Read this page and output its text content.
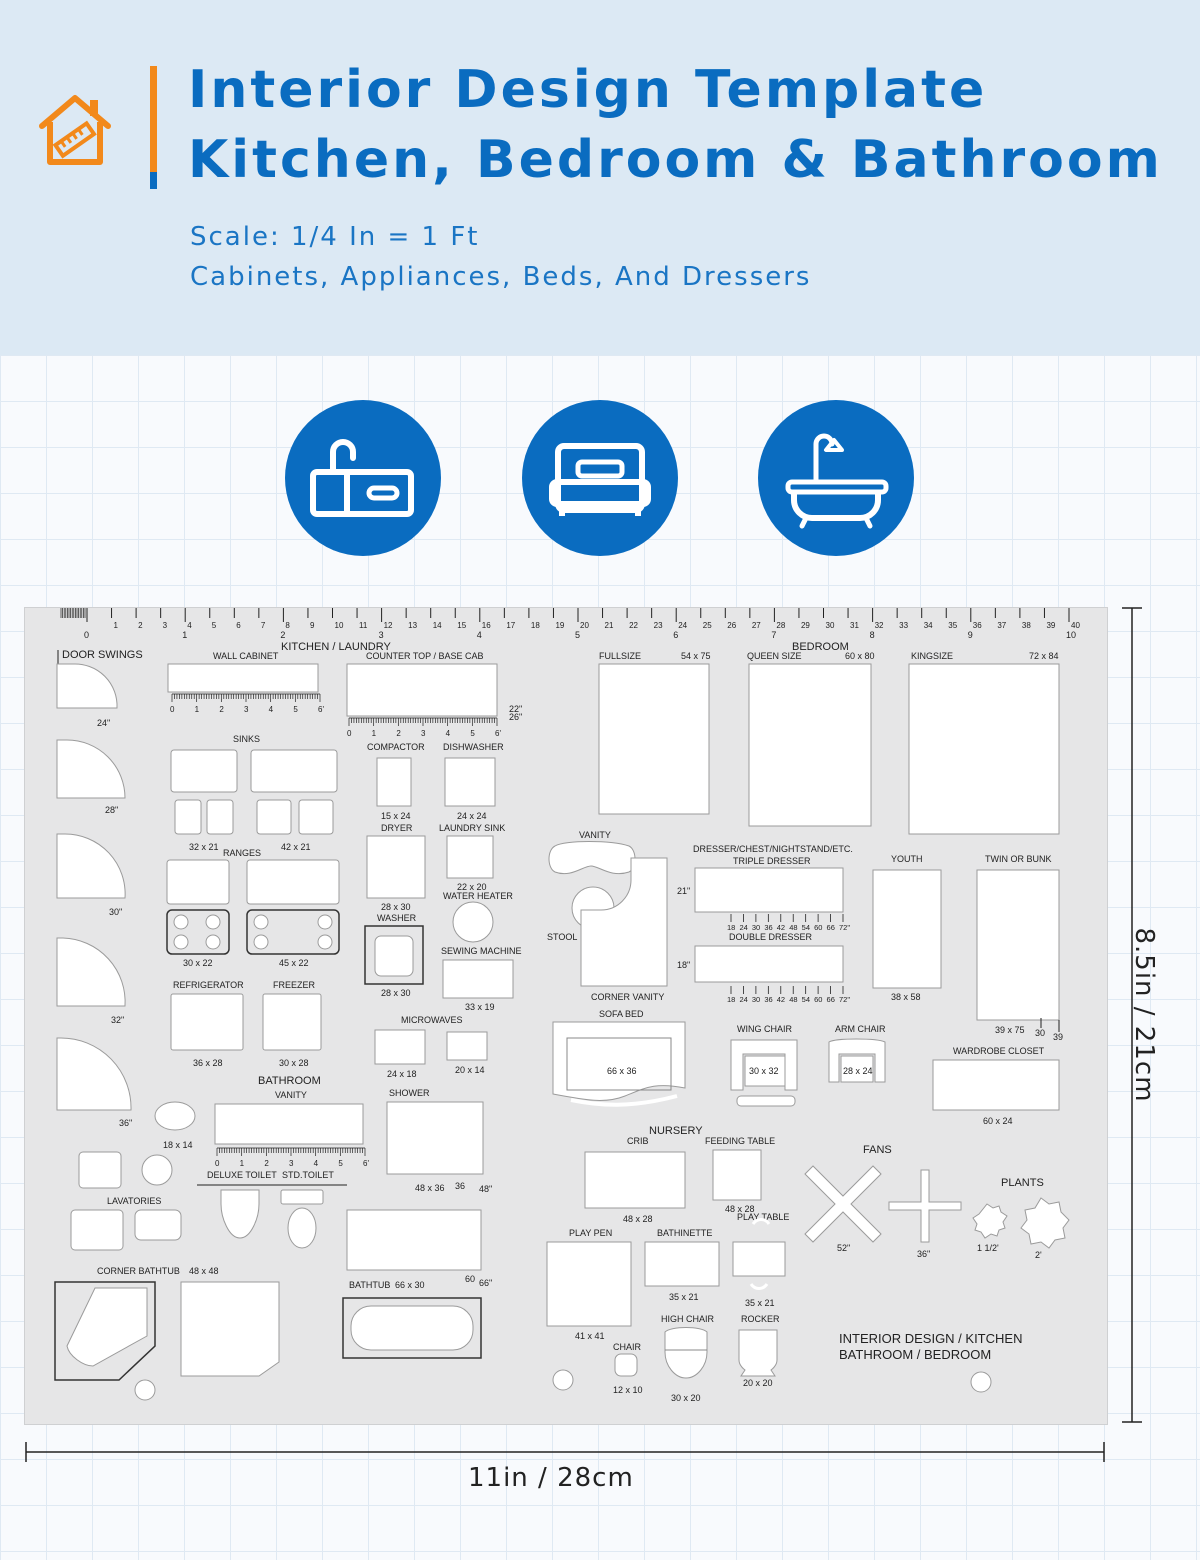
Interior Design Template
Kitchen, Bedroom & Bathroom
Scale: 1/4 In = 1 Ft
Cabinets, Appliances, Beds, And Dressers
1	2	3	4	5	6	7	8	9	10 11 12 13 14 15 16 17 18 19 20 21 22 23 24 25 26 27 28 29 30 31 32 33 34 35 36 37 38 39 40
0	1	2	3	4	5	6	7	8	9	10
KITCHEN / LAUNDRY	BEDROOM
DOOR SWINGS
24"
28"
30"
32"
36"
WALL CABINET
0	1	2	3	4	5	6'
COUNTER TOP / BASE CAB
22"
26"
0	1	2	3	4	5	6'
SINKS
32 x 21	42 x 21
RANGES
30 x 22	45 x 22
REFRIGERATOR	FREEZER
36 x 28	30 x 28
COMPACTOR DISHWASHER
15 x 24	24 x 24
DRYER	LAUNDRY SINK
22 x 20
WATER HEATER
28 x 30
WASHER
28 x 30
SEWING MACHINE
33 x 19
MICROWAVES
24 x 18	20 x 14
BATHROOM
VANITY
0	1	2	3	4	5	6'
SHOWER
48 x 36 36 48"
18 x 14
LAVATORIES
DELUXE TOILET STD.TOILET
60 66"
BATHTUB 66 x 30
CORNER BATHTUB 48 x 48
FULLSIZE	54 x 75	QUEEN SIZE	60 x 80	KINGSIZE	72 x 84
VANITY
STOOL
CORNER VANITY
DRESSER/CHEST/NIGHTSTAND/ETC.
TRIPLE DRESSER
21"
18 24 30 36 42 48 54 60 66 72"
DOUBLE DRESSER
18"
18 24 30 36 42 48 54 60 66 72"
YOUTH
38 x 58
TWIN OR BUNK
39 x 75 30 39
SOFA BED
66 x 36
WING CHAIR
30 x 32
ARM CHAIR
28 x 24
WARDROBE CLOSET
60 x 24
NURSERY
CRIB
48 x 28
FEEDING TABLE
48 x 28
PLAY TABLE
35 x 21
PLAY PEN
41 x 41
BATHINETTE
35 x 21
HIGH CHAIR
30 x 20
CHAIR
12 x 10
ROCKER
20 x 20
FANS
52"
36"
PLANTS
1 1/2'
2'
INTERIOR DESIGN / KITCHEN
BATHROOM / BEDROOM
11in / 28cm
8.5in / 21cm
